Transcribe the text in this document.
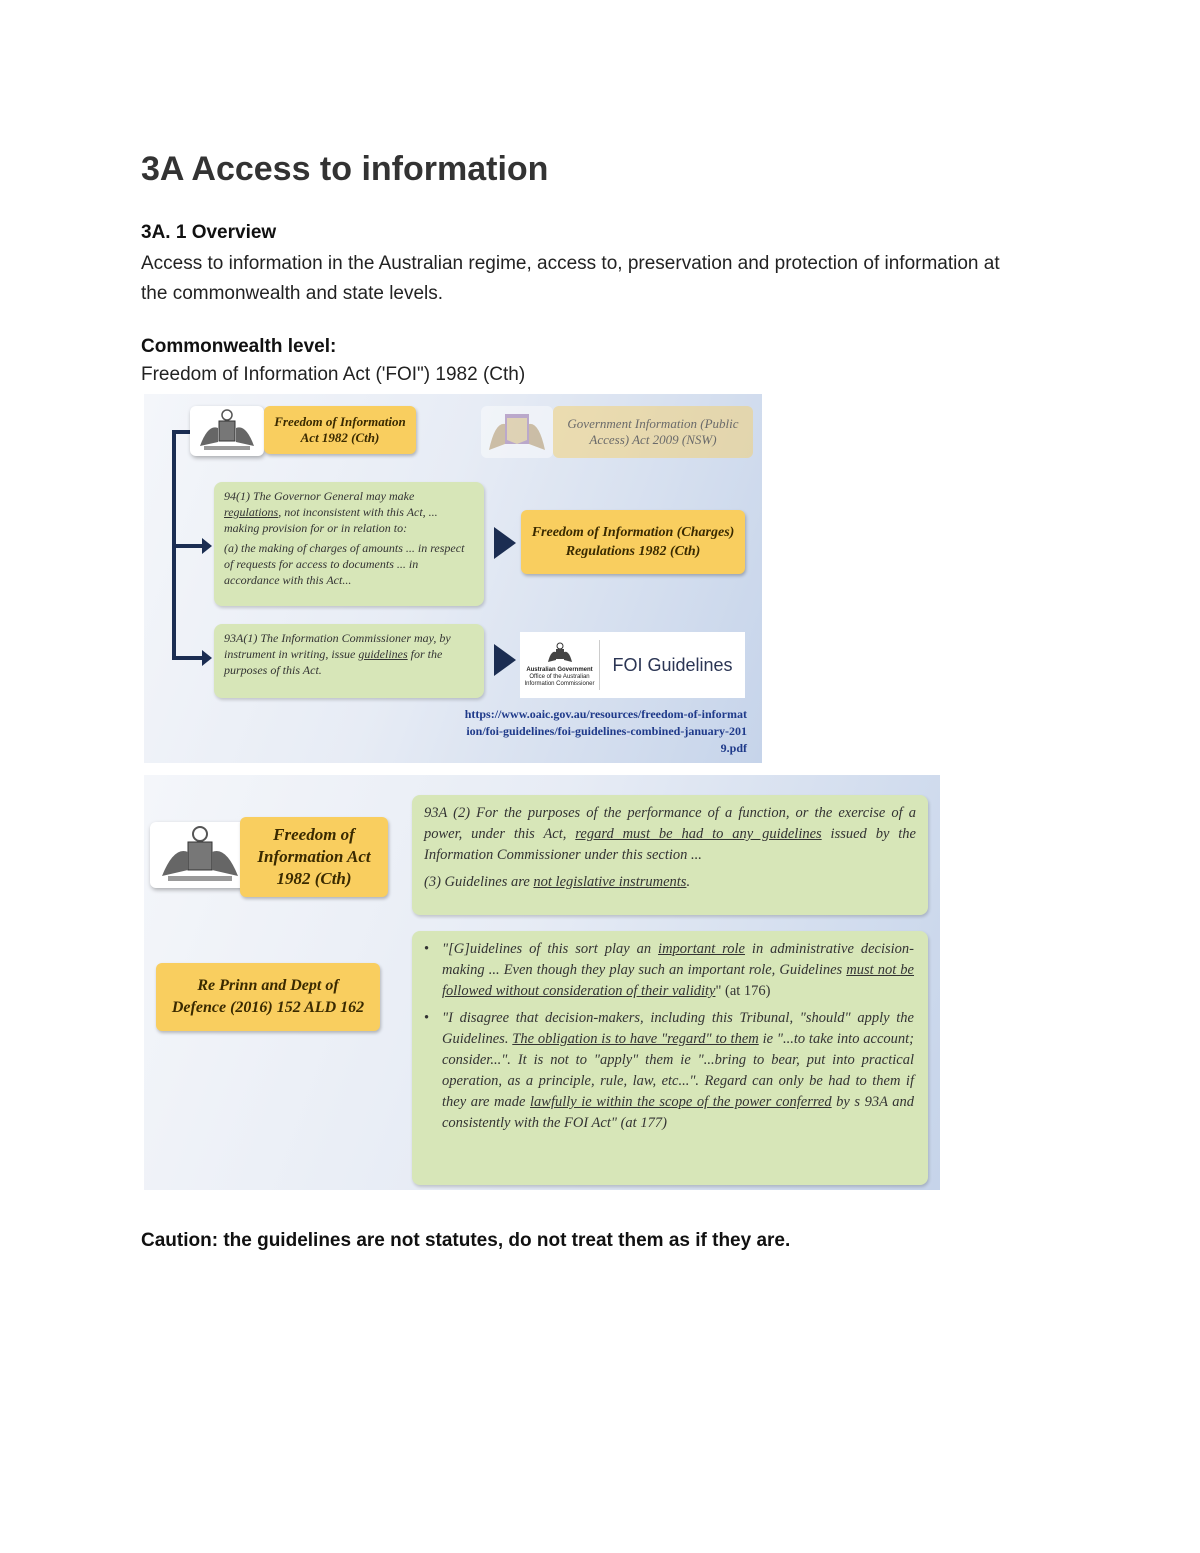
3A Access to information
3A. 1 Overview
Access to information in the Australian regime, access to, preservation and protection of information at the commonwealth and state levels.
Commonwealth level:
Freedom of Information Act ('FOI") 1982 (Cth)
Freedom of Information Act 1982 (Cth)
Government Information (Public Access) Act 2009 (NSW)
94(1) The Governor General may make regulations, not inconsistent with this Act, ... making provision for or in relation to:
(a) the making of charges of amounts ... in respect of requests for access to documents ... in accordance with this Act...
Freedom of Information (Charges) Regulations 1982 (Cth)
93A(1) The Information Commissioner may, by instrument in writing, issue guidelines for the purposes of this Act.	Australian Government
Office of the Australian Information Commissioner
FOI Guidelines
https://www.oaic.gov.au/resources/freedom-of-information/foi-guidelines/foi-guidelines-combined-january-2019.pdf
Freedom of Information Act 1982 (Cth)
Re Prinn and Dept of Defence (2016) 152 ALD 162
93A (2) For the purposes of the performance of a function, or the exercise of a power, under this Act, regard must be had to any guidelines issued by the Information Commissioner under this section ...
(3) Guidelines are not legislative instruments.
• "[G]uidelines of this sort play an important role in administrative decision-making ... Even though they play such an important role, Guidelines must not be followed without consideration of their validity" (at 176)
• "I disagree that decision-makers, including this Tribunal, "should" apply the Guidelines. The obligation is to have "regard" to them ie "...to take into account; consider...". It is not to "apply" them ie "...bring to bear, put into practical operation, as a principle, rule, law, etc...". Regard can only be had to them if they are made lawfully ie within the scope of the power conferred by s 93A and consistently with the FOI Act" (at 177)
Caution: the guidelines are not statutes, do not treat them as if they are.
